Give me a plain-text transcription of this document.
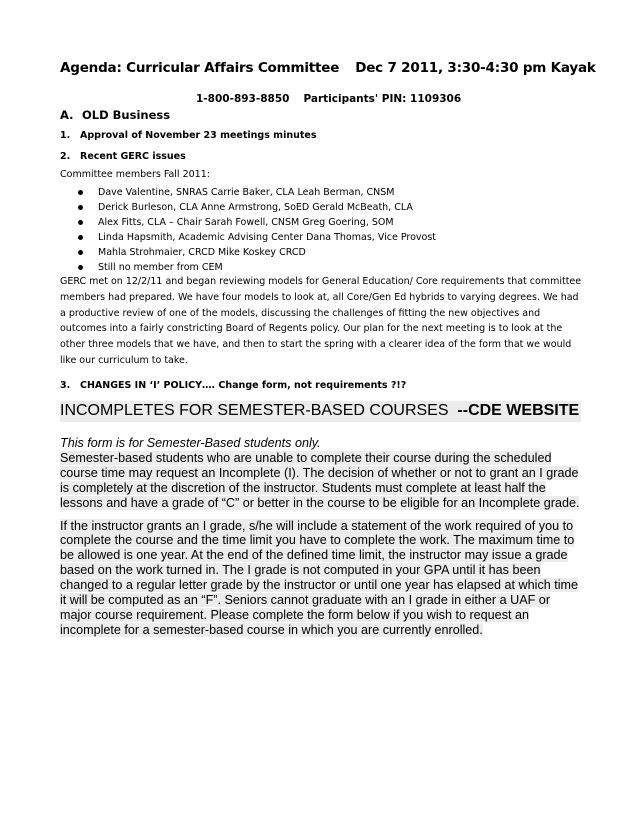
Agenda: Curricular Affairs Committee Dec 7 2011, 3:30-4:30 pm Kayak
1-800-893-8850 Participants' PIN: 1109306
A. OLD Business
1. Approval of November 23 meetings minutes
2. Recent GERC issues
Committee members Fall 2011:
Dave Valentine, SNRAS Carrie Baker, CLA Leah Berman, CNSM
Derick Burleson, CLA Anne Armstrong, SoED Gerald McBeath, CLA
Alex Fitts, CLA – Chair Sarah Fowell, CNSM Greg Goering, SOM
Linda Hapsmith, Academic Advising Center Dana Thomas, Vice Provost
Mahla Strohmaier, CRCD Mike Koskey CRCD
Still no member from CEM

GERC met on 12/2/11 and began reviewing models for General Education/ Core requirements that committee members had prepared. We have four models to look at, all Core/Gen Ed hybrids to varying degrees. We had a productive review of one of the models, discussing the challenges of fitting the new objectives and outcomes into a fairly constricting Board of Regents policy. Our plan for the next meeting is to look at the other three models that we have, and then to start the spring with a clearer idea of the form that we would like our curriculum to take.

3. CHANGES IN ‘I’ POLICY…. Change form, not requirements ?!?
INCOMPLETES FOR SEMESTER-BASED COURSES --CDE WEBSITE

This form is for Semester-Based students only.

Semester-based students who are unable to complete their course during the scheduled course time may request an Incomplete (I). The decision of whether or not to grant an I grade is completely at the discretion of the instructor. Students must complete at least half the lessons and have a grade of “C” or better in the course to be eligible for an Incomplete grade.

If the instructor grants an I grade, s/he will include a statement of the work required of you to complete the course and the time limit you have to complete the work. The maximum time to be allowed is one year. At the end of the defined time limit, the instructor may issue a grade based on the work turned in. The I grade is not computed in your GPA until it has been changed to a regular letter grade by the instructor or until one year has elapsed at which time it will be computed as an “F”. Seniors cannot graduate with an I grade in either a UAF or major course requirement. Please complete the form below if you wish to request an incomplete for a semester-based course in which you are currently enrolled.
